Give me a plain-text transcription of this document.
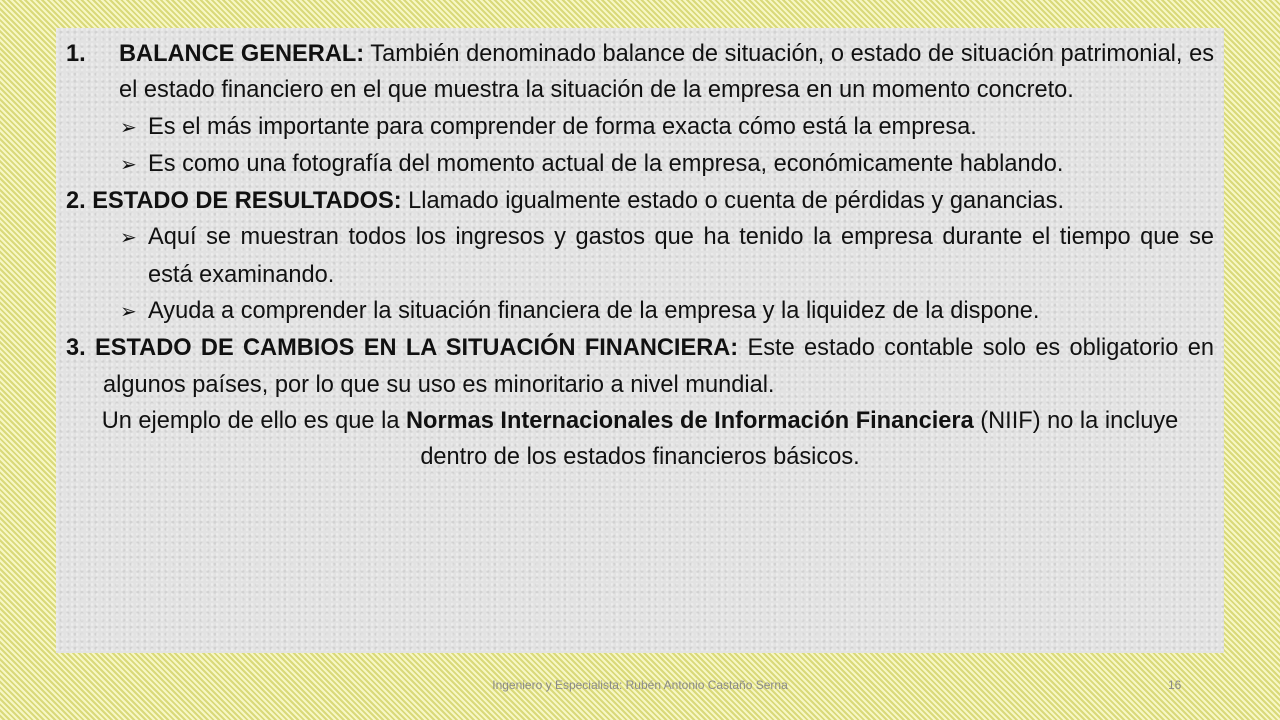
1. BALANCE GENERAL: También denominado balance de situación, o estado de situación patrimonial, es el estado financiero en el que muestra la situación de la empresa en un momento concreto.

➢ Es el más importante para comprender de forma exacta cómo está la empresa.

➢ Es como una fotografía del momento actual de la empresa, económicamente hablando.

2. ESTADO DE RESULTADOS: Llamado igualmente estado o cuenta de pérdidas y ganancias.

➢ Aquí se muestran todos los ingresos y gastos que ha tenido la empresa durante el tiempo que se está examinando.

➢ Ayuda a comprender la situación financiera de la empresa y la liquidez de la dispone.

3. ESTADO DE CAMBIOS EN LA SITUACIÓN FINANCIERA: Este estado contable solo es obligatorio en algunos países, por lo que su uso es minoritario a nivel mundial.

Un ejemplo de ello es que la Normas Internacionales de Información Financiera (NIIF) no la incluye dentro de los estados financieros básicos.

Ingeniero y Especialista: Rubén Antonio Castaño Serna	16
